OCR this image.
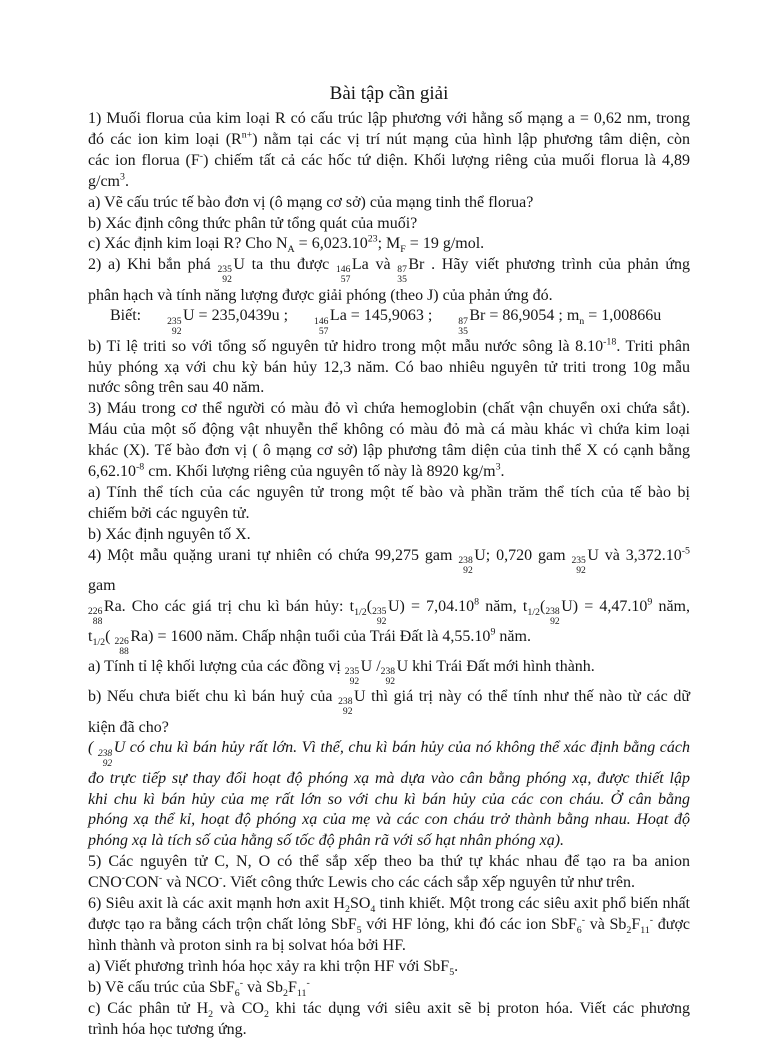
Bài tập cần giải
1) Muối florua của kim loại R có cấu trúc lập phương với hằng số mạng a = 0,62 nm, trong
đó các ion kim loại $(R^{n+})$ nằm tại các vị trí nút mạng của hình lập phương tâm diện, còn
các ion florua (F-) chiếm tất cả các hốc tứ diện. Khối lượng riêng của muối florua là 4,89
$g/cm^3$.
a) Vẽ cấu trúc tế bào đơn vị (ô mạng cơ sở) của mạng tinh thể florua?
b) Xác định công thức phân tử tổng quát của muối?
c) Xác định kim loại R? Cho $N_A = 6,023.10^{23}$; $M_F = 19$ g/mol.
2) a) Khi bắn phá 235
92
U ta thu được 146
57
La và 87
35
Br . Hãy viết phương trình của phản ứng
phân hạch và tính năng lượng được giải phóng (theo J) của phản ứng đó.
Biết:	235
92
U = 235,0439u ;	146
57
La = 145,9063 ;	87
35
Br = 86,9054 ; $m_n = 1,00866u$
b) Tỉ lệ triti so với tổng số nguyên tử hidro trong một mẫu nước sông là $8.10^{-18}$. Triti phân
hủy phóng xạ với chu kỳ bán hủy 12,3 năm. Có bao nhiêu nguyên tử triti trong 10g mẫu
nước sông trên sau 40 năm.
3) Máu trong cơ thể người có màu đỏ vì chứa hemoglobin (chất vận chuyển oxi chứa sắt).
Máu của một số động vật nhuyễn thể không có màu đỏ mà cá màu khác vì chứa kim loại
khác (X). Tế bào đơn vị ( ô mạng cơ sở) lập phương tâm diện của tinh thể X có cạnh bằng
$6,62.10^{-8}$ cm. Khối lượng riêng của nguyên tố này là 8920 $kg/m^3$.
a) Tính thể tích của các nguyên tử trong một tế bào và phần trăm thể tích của tế bào bị
chiếm bởi các nguyên tử.
b) Xác định nguyên tố X.
4) Một mẫu quặng urani tự nhiên có chứa 99,275 gam 238
92
U; 0,720 gam 235
92
U và $3,372.10^{-5}$ gam
226
88
Ra. Cho các giá trị chu kì bán hủy: $t_{1/2}$( 235
92
$U) = 7,04.10^8$ năm, $t_{1/2}$( 238
92
$U) = 4,47.10^9$ năm,
$t_{1/2}$( 226
88
Ra) = 1600 năm. Chấp nhận tuổi của Trái Đất là 4,55.10$^9$ năm.
a) Tính tỉ lệ khối lượng của các đồng vị 235
92
U / 238
92
U khi Trái Đất mới hình thành.
b) Nếu chưa biết chu kì bán huỷ của 238
92
U thì giá trị này có thể tính như thế nào từ các dữ
kiện đã cho?
( 238
92
U có chu kì bán hủy rất lớn. Vì thế, chu kì bán hủy của nó không thể xác định bằng cách
đo trực tiếp sự thay đổi hoạt độ phóng xạ mà dựa vào cân bằng phóng xạ, được thiết lập
khi chu kì bán hủy của mẹ rất lớn so với chu kì bán hủy của các con cháu. Ở cân bằng
phóng xạ thể kỉ, hoạt độ phóng xạ của mẹ và các con cháu trở thành bằng nhau. Hoạt độ
phóng xạ là tích số của hằng số tốc độ phân rã với số hạt nhân phóng xạ).
5) Các nguyên tử C, N, O có thể sắp xếp theo ba thứ tự khác nhau để tạo ra ba anion
CNO-CON- và NCO-. Viết công thức Lewis cho các cách sắp xếp nguyên tử như trên.
6) Siêu axit là các axit mạnh hơn axit $H_2SO_4$ tinh khiết. Một trong các siêu axit phổ biến nhất
được tạo ra bằng cách trộn chất lỏng SbF$_5$ với HF lỏng, khi đó các ion SbF$_6$- và $Sb_2F_{11}^-$ được
hình thành và proton sinh ra bị solvat hóa bởi HF.
a) Viết phương trình hóa học xảy ra khi trộn HF với SbF$_5$.
b) Vẽ cấu trúc của SbF$_6$- và $Sb_2F_{11}^-$
c) Các phân tử $H_2$ và $CO_2$ khi tác dụng với siêu axit sẽ bị proton hóa. Viết các phương
trình hóa học tương ứng.
